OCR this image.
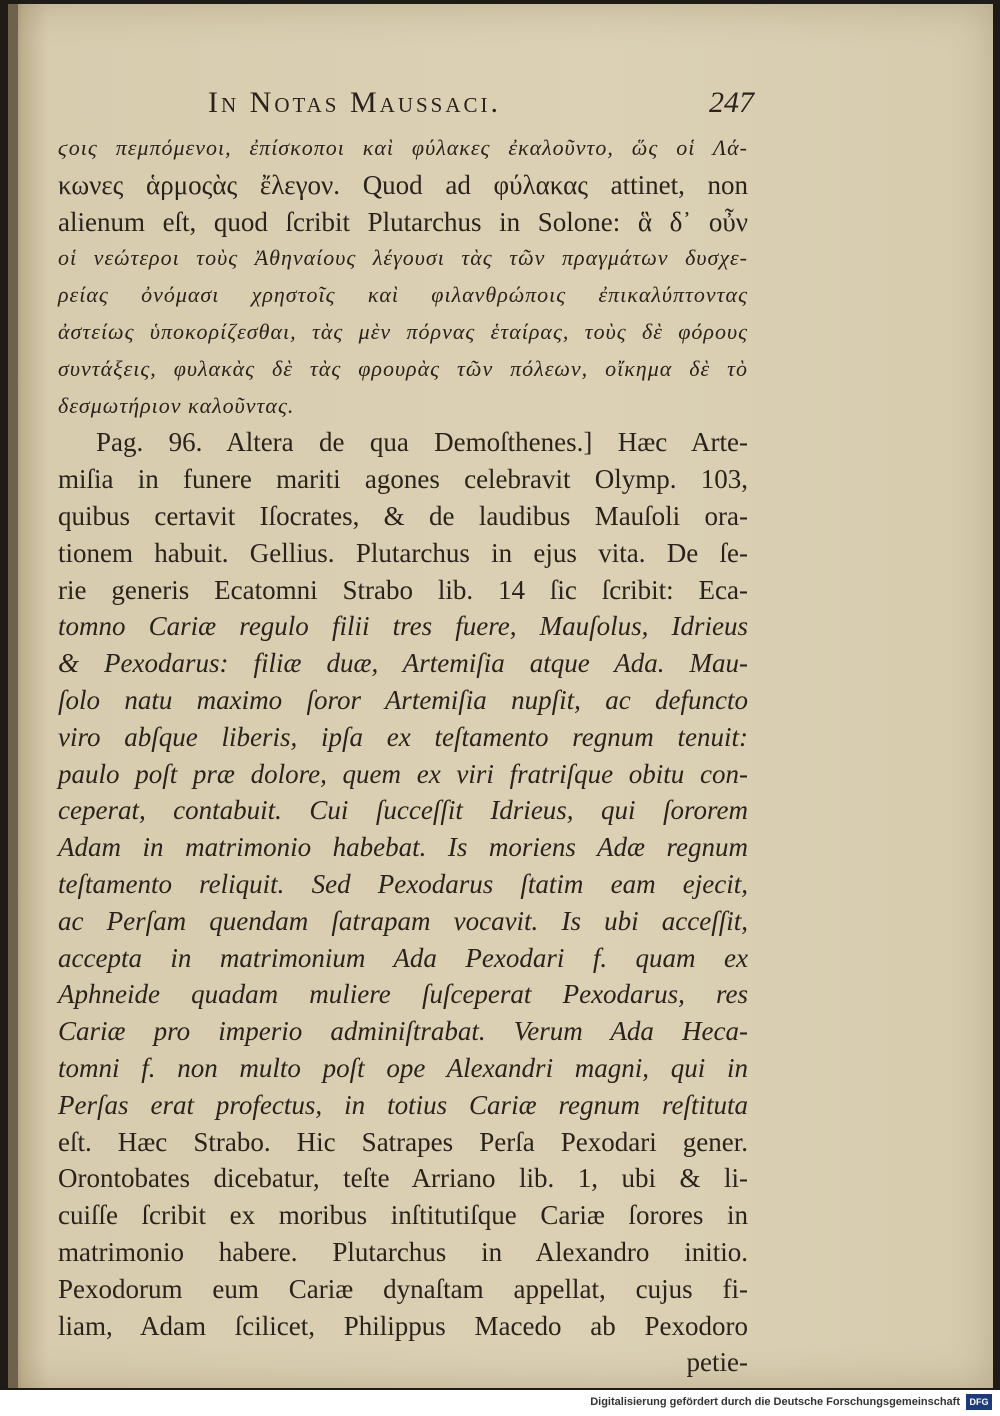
In Notas Maussaci.	247
ϛοις πεμπόμενοι, ἐπίσκοποι καὶ φύλακες ἐκαλοῦντο, ὥς οἱ Λά-
κωνες ἁρμοςὰς ἔλεγον. Quod ad φύλακας attinet, non
alienum eſt, quod ſcribit Plutarchus in Solone: ἃ δ᾽ οὖν
οἱ νεώτεροι τοὺς Ἀθηναίους λέγουσι τὰς τῶν πραγμάτων δυσχε-
ρείας ὀνόμασι χρηστοῖς καὶ φιλανθρώποις ἐπικαλύπτοντας
ἀστείως ὑποκορίζεσθαι, τὰς μὲν πόρνας ἑταίρας, τοὺς δὲ φόρους
συντάξεις, φυλακὰς δὲ τὰς φρουρὰς τῶν πόλεων, οἴκημα δὲ τὸ
δεσμωτήριον καλοῦντας.
Pag. 96. Altera de qua Demoſthenes.] Hæc Arte-
miſia in funere mariti agones celebravit Olymp. 103,
quibus certavit Iſocrates, & de laudibus Mauſoli ora-
tionem habuit. Gellius. Plutarchus in ejus vita. De ſe-
rie generis Ecatomni Strabo lib. 14 ſic ſcribit: Eca-
tomno Cariæ regulo filii tres fuere, Mauſolus, Idrieus
& Pexodarus: filiæ duæ, Artemiſia atque Ada. Mau-
ſolo natu maximo ſoror Artemiſia nupſit, ac defuncto
viro abſque liberis, ipſa ex teſtamento regnum tenuit:
paulo poſt præ dolore, quem ex viri fratriſque obitu con-
ceperat, contabuit. Cui ſucceſſit Idrieus, qui ſororem
Adam in matrimonio habebat. Is moriens Adæ regnum
teſtamento reliquit. Sed Pexodarus ſtatim eam ejecit,
ac Perſam quendam ſatrapam vocavit. Is ubi acceſſit,
accepta in matrimonium Ada Pexodari f. quam ex
Aphneide quadam muliere ſuſceperat Pexodarus, res
Cariæ pro imperio adminiſtrabat. Verum Ada Heca-
tomni f. non multo poſt ope Alexandri magni, qui in
Perſas erat profectus, in totius Cariæ regnum reſtituta
eſt. Hæc Strabo. Hic Satrapes Perſa Pexodari gener.
Orontobates dicebatur, teſte Arriano lib. 1, ubi & li-
cuiſſe ſcribit ex moribus inſtitutiſque Cariæ ſorores in
matrimonio habere. Plutarchus in Alexandro initio.
Pexodorum eum Cariæ dynaſtam appellat, cujus fi-
liam, Adam ſcilicet, Philippus Macedo ab Pexodoro
petie-
Digitalisierung gefördert durch die Deutsche Forschungsgemeinschaft	DFG
